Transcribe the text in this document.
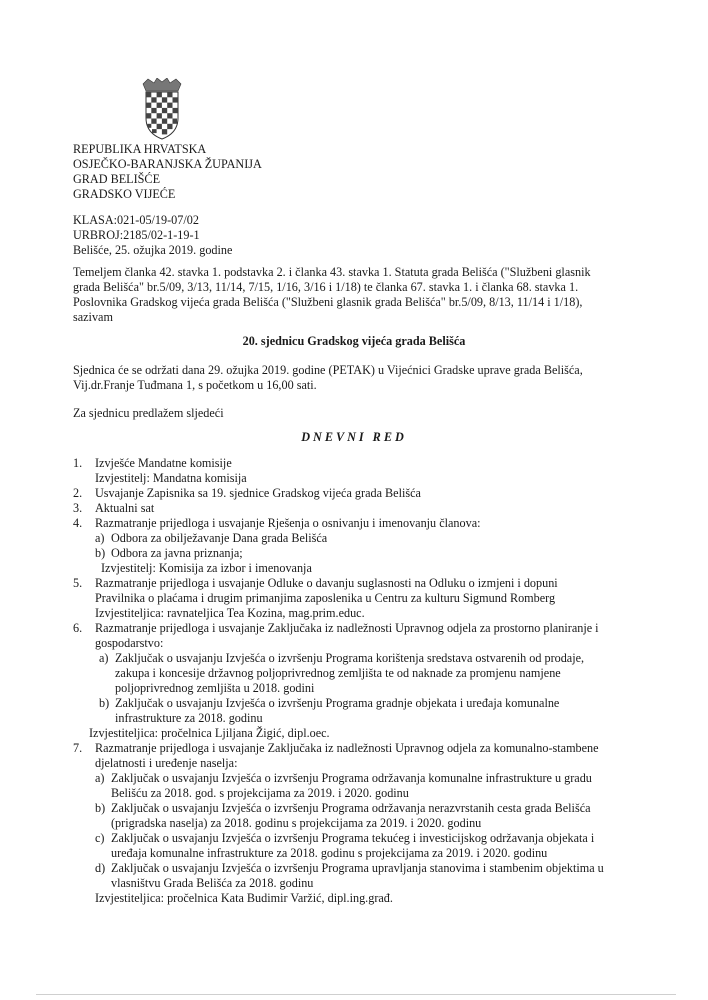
REPUBLIKA HRVATSKA
OSJEČKO-BARANJSKA ŽUPANIJA
GRAD BELIŠĆE
GRADSKO VIJEĆE
KLASA:021-05/19-07/02
URBROJ:2185/02-1-19-1
Belišće, 25. ožujka 2019. godine
Temeljem članka 42. stavka 1. podstavka 2. i članka 43. stavka 1. Statuta grada Belišća ("Službeni glasnik
grada Belišća" br.5/09, 3/13, 11/14, 7/15, 1/16, 3/16 i 1/18) te članka 67. stavka 1. i članka 68. stavka 1.
Poslovnika Gradskog vijeća grada Belišća ("Službeni glasnik grada Belišća" br.5/09, 8/13, 11/14 i 1/18),
sazivam
20. sjednicu Gradskog vijeća grada Belišća
Sjednica će se održati dana 29. ožujka 2019. godine (PETAK) u Vijećnici Gradske uprave grada Belišća,
Vij.dr.Franje Tuđmana 1, s početkom u 16,00 sati.
Za sjednicu predlažem sljedeći
DNEVNI RED
1. Izvješće Mandatne komisije
Izvjestitelj: Mandatna komisija
2. Usvajanje Zapisnika sa 19. sjednice Gradskog vijeća grada Belišća
3. Aktualni sat
4. Razmatranje prijedloga i usvajanje Rješenja o osnivanju i imenovanju članova:
a) Odbora za obilježavanje Dana grada Belišća
b) Odbora za javna priznanja;
Izvjestitelj: Komisija za izbor i imenovanja
5. Razmatranje prijedloga i usvajanje Odluke o davanju suglasnosti na Odluku o izmjeni i dopuni
Pravilnika o plaćama i drugim primanjima zaposlenika u Centru za kulturu Sigmund Romberg
Izvjestiteljica: ravnateljica Tea Kozina, mag.prim.educ.
6. Razmatranje prijedloga i usvajanje Zaključaka iz nadležnosti Upravnog odjela za prostorno planiranje i
gospodarstvo:
a) Zaključak o usvajanju Izvješća o izvršenju Programa korištenja sredstava ostvarenih od prodaje,
zakupa i koncesije državnog poljoprivrednog zemljišta te od naknade za promjenu namjene
poljoprivrednog zemljišta u 2018. godini
b) Zaključak o usvajanju Izvješća o izvršenju Programa gradnje objekata i uređaja komunalne
infrastrukture za 2018. godinu
Izvjestiteljica: pročelnica Ljiljana Žigić, dipl.oec.
7. Razmatranje prijedloga i usvajanje Zaključaka iz nadležnosti Upravnog odjela za komunalno-stambene
djelatnosti i uređenje naselja:
a) Zaključak o usvajanju Izvješća o izvršenju Programa održavanja komunalne infrastrukture u gradu
Belišću za 2018. god. s projekcijama za 2019. i 2020. godinu
b) Zaključak o usvajanju Izvješća o izvršenju Programa održavanja nerazvrstanih cesta grada Belišća
(prigradska naselja) za 2018. godinu s projekcijama za 2019. i 2020. godinu
c) Zaključak o usvajanju Izvješća o izvršenju Programa tekućeg i investicijskog održavanja objekata i
uređaja komunalne infrastrukture za 2018. godinu s projekcijama za 2019. i 2020. godinu
d) Zaključak o usvajanju Izvješća o izvršenju Programa upravljanja stanovima i stambenim objektima u
vlasništvu Grada Belišća za 2018. godinu
Izvjestiteljica: pročelnica Kata Budimir Varžić, dipl.ing.građ.
